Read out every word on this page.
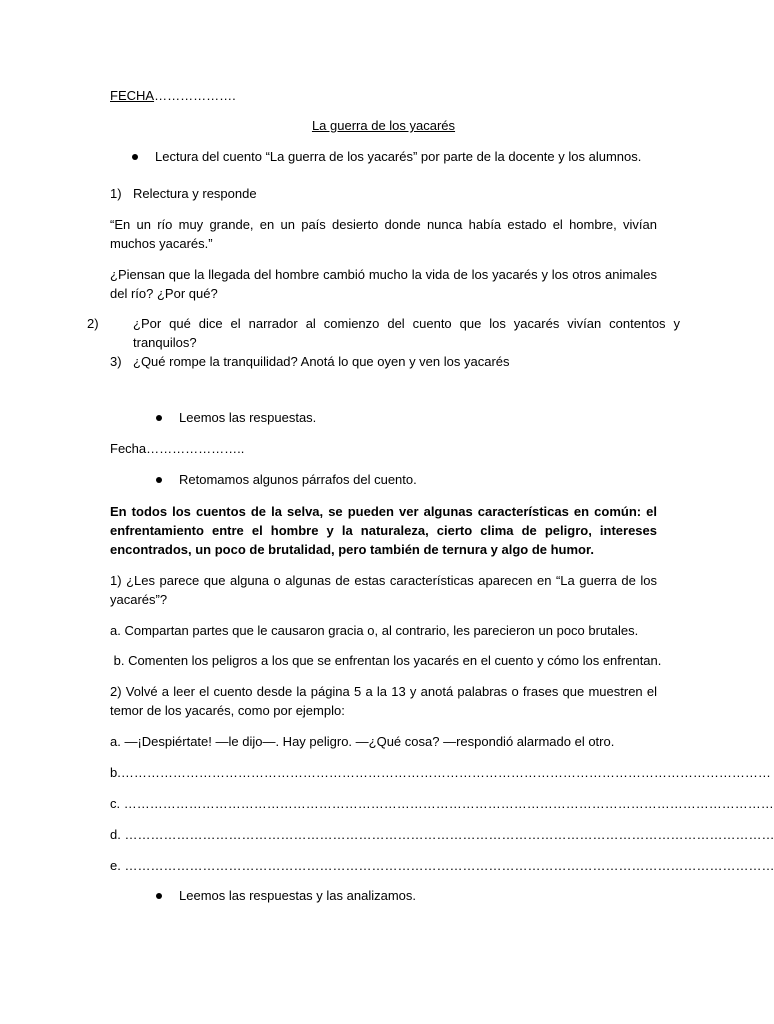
FECHA……………….
La guerra de los yacarés
Lectura del cuento “La guerra de los yacarés” por parte de la docente y los alumnos.
1) Relectura y responde
“En un río muy grande, en un país desierto donde nunca había estado el hombre, vivían muchos yacarés.”
¿Piensan que la llegada del hombre cambió mucho la vida de los yacarés y los otros animales del río? ¿Por qué?
2)	¿Por qué dice el narrador al comienzo del cuento que los yacarés vivían contentos y tranquilos?
3) ¿Qué rompe la tranquilidad? Anotá lo que oyen y ven los yacarés
Leemos las respuestas.
Fecha…………………..
Retomamos algunos párrafos del cuento.
En todos los cuentos de la selva, se pueden ver algunas características en común: el enfrentamiento entre el hombre y la naturaleza, cierto clima de peligro, intereses encontrados, un poco de brutalidad, pero también de ternura y algo de humor.
1) ¿Les parece que alguna o algunas de estas características aparecen en “La guerra de los yacarés”?
a. Compartan partes que le causaron gracia o, al contrario, les parecieron un poco brutales.
b. Comenten los peligros a los que se enfrentan los yacarés en el cuento y cómo los enfrentan.
2) Volvé a leer el cuento desde la página 5 a la 13 y anotá palabras o frases que muestren el temor de los yacarés, como por ejemplo:
a. —¡Despiértate! —le dijo—. Hay peligro. —¿Qué cosa? —respondió alarmado el otro.
b.……………………………………………………………………………………………………………………………………
c. ……………………………………………………………………………………………………………………………………
d. ……………………………………………………………………………………………………………………………………
e. ……………………………………………………………………………………………………………………………………
Leemos las respuestas y las analizamos.
